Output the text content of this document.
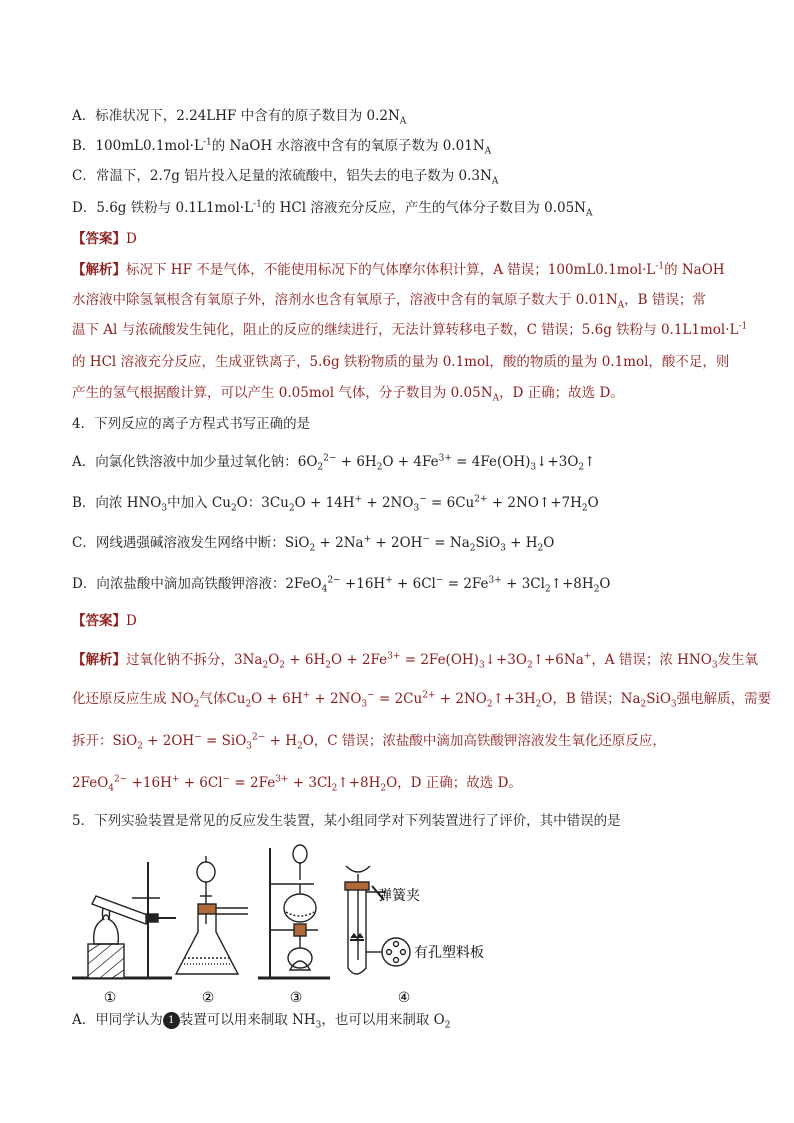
A．标准状况下，2.24LHF 中含有的原子数目为 $0.2N_A$
B．$100mL0.1mol\cdot L^{-1}$的 NaOH 水溶液中含有的氧原子数为 $0.01N_A$
C．常温下，2.7g 铝片投入足量的浓硫酸中，铝失去的电子数为 $0.3N_A$
D．5.6g 铁粉与 $0.1L1mol\cdot L^{-1}$的 HCl 溶液充分反应，产生的气体分子数目为 $0.05N_A$
【答案】D
【解析】标况下 HF 不是气体，不能使用标况下的气体摩尔体积计算，A 错误；$100mL0.1mol\cdot L^{-1}$的 NaOH
水溶液中除氢氧根含有氧原子外，溶剂水也含有氧原子，溶液中含有的氧原子数大于 $0.01N_A$，B 错误；常
温下 Al 与浓硫酸发生钝化，阻止的反应的继续进行，无法计算转移电子数，C 错误；5.6g 铁粉与 $0.1L1mol\cdot L^{-1}$
的 HCl 溶液充分反应，生成亚铁离子，5.6g 铁粉物质的量为 0.1mol，酸的物质的量为 0.1mol，酸不足，则
产生的氢气根据酸计算，可以产生 0.05mol 气体，分子数目为 $0.05N_A$，D 正确；故选 D。
4．下列反应的离子方程式书写正确的是
A．向氯化铁溶液中加少量过氧化钠：$6O_2^{2-} + 6H_2O + 4Fe^{3+}$ = $4Fe(OH)_3↓+3O_2↑$
B．向浓 $HNO_3$中加入 $Cu_2O$：$3Cu_2O + 14H^+ + 2NO_3^- = 6Cu^{2+}$ + $2NO↑+7H_2O$
C．网线遇强碱溶液发生网络中断：$SiO_2 + 2Na^+ + 2OH^- = Na_2SiO_3 + H_2O$
D．向浓盐酸中滴加高铁酸钾溶液：$2FeO_4^{2-} +16H^+ + 6Cl^- = 2Fe^{3+}$ + $3Cl_2↑+8H_2O$
【答案】D
【解析】过氧化钠不拆分，$3Na_2O_2 + 6H_2O + 2Fe^{3+}$ = $2Fe(OH)_3↓+3O_2↑+6Na^+$，A 错误；浓 $HNO_3$发生氧
化还原反应生成 $NO_2$气体$Cu_2O + 6H^+ + 2NO_3^- = 2Cu^{2+}$ + $2NO_2↑+3H_2O$，B 错误；$Na_2SiO_3$强电解质，需要
拆开：$SiO_2 + 2OH^- = SiO_3^{2-} + H_2O$，C 错误；浓盐酸中滴加高铁酸钾溶液发生氧化还原反应，
$2FeO_4^{2-} +16H^+ + 6Cl^- = 2Fe^{3+}$ + $3Cl_2↑+8H_2O$，D 正确；故选 D。
5．下列实验装置是常见的反应发生装置，某小组同学对下列装置进行了评价，其中错误的是
①	②	③
弹簧夹
有孔塑料板
④
A．甲同学认为 1 装置可以用来制取 $NH_3$，也可以用来制取 $O_2$
